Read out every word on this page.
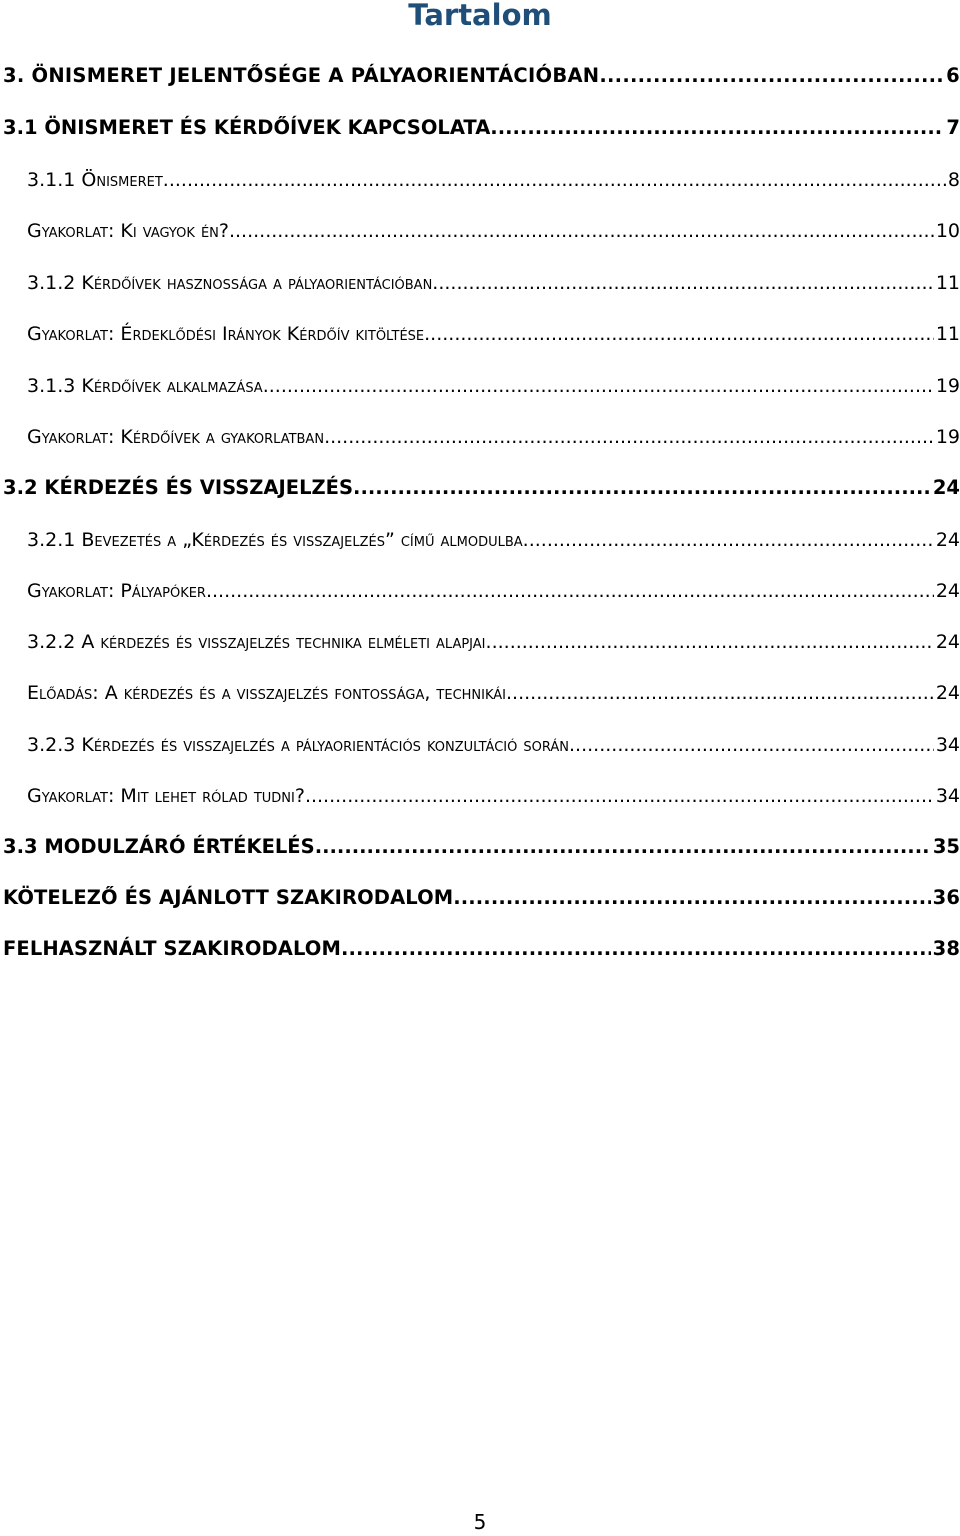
Tartalom
3. ÖNISMERET JELENTŐSÉGE A PÁLYAORIENTÁCIÓBAN .....	6
3.1 ÖNISMERET ÉS KÉRDŐÍVEK KAPCSOLATA .....	7
3.1.1 Önismeret .....	8
Gyakorlat: Ki vagyok én? .....	10
3.1.2 Kérdőívek hasznossága a pályaorientációban .....	11
Gyakorlat: Érdeklődési Irányok Kérdőív kitöltése .....	11
3.1.3 Kérdőívek alkalmazása .....	19
Gyakorlat: Kérdőívek a gyakorlatban .....	19
3.2 KÉRDEZÉS ÉS VISSZAJELZÉS .....	24
3.2.1 Bevezetés a „Kérdezés és visszajelzés” című almodulba .....	24
Gyakorlat: Pályapóker .....	24
3.2.2 A kérdezés és visszajelzés technika elméleti alapjai .....	24
Előadás: A kérdezés és a visszajelzés fontossága, technikái .....	24
3.2.3 Kérdezés és visszajelzés a pályaorientációs konzultáció során .....	34
Gyakorlat: Mit lehet rólad tudni? .....	34
3.3 MODULZÁRÓ ÉRTÉKELÉS .....	35
KÖTELEZŐ ÉS AJÁNLOTT SZAKIRODALOM .....	36
FELHASZNÁLT SZAKIRODALOM .....	38
5
